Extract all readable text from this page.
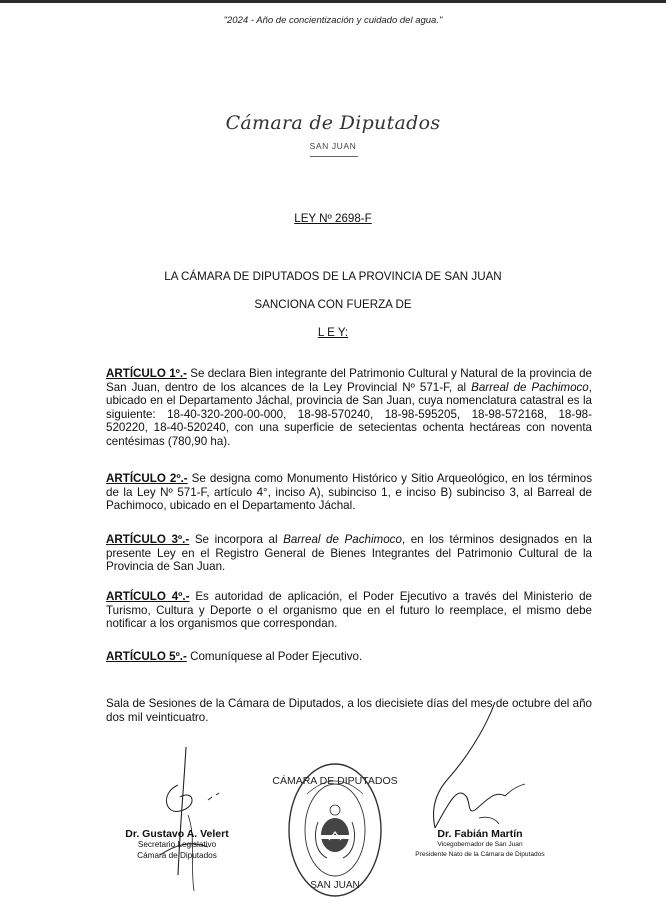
"2024 - Año de concientización y cuidado del agua."
Cámara de Diputados
SAN JUAN
LEY Nº 2698-F
LA CÁMARA DE DIPUTADOS DE LA PROVINCIA DE SAN JUAN
SANCIONA CON FUERZA DE
L E Y:
ARTÍCULO 1º.- Se declara Bien integrante del Patrimonio Cultural y Natural de la provincia de San Juan, dentro de los alcances de la Ley Provincial Nº 571-F, al Barreal de Pachimoco, ubicado en el Departamento Jáchal, provincia de San Juan, cuya nomenclatura catastral es la siguiente: 18-40-320-200-00-000, 18-98-570240, 18-98-595205, 18-98-572168, 18-98-520220, 18-40-520240, con una superficie de setecientas ochenta hectáreas con noventa centésimas (780,90 ha).
ARTÍCULO 2º.- Se designa como Monumento Histórico y Sitio Arqueológico, en los términos de la Ley Nº 571-F, artículo 4°, inciso A), subinciso 1, e inciso B) subinciso 3, al Barreal de Pachimoco, ubicado en el Departamento Jáchal.
ARTÍCULO 3º.- Se incorpora al Barreal de Pachimoco, en los términos designados en la presente Ley en el Registro General de Bienes Integrantes del Patrimonio Cultural de la Provincia de San Juan.
ARTÍCULO 4º.- Es autoridad de aplicación, el Poder Ejecutivo a través del Ministerio de Turismo, Cultura y Deporte o el organismo que en el futuro lo reemplace, el mismo debe notificar a los organismos que correspondan.
ARTÍCULO 5º.- Comuníquese al Poder Ejecutivo.
Sala de Sesiones de la Cámara de Diputados, a los diecisiete días del mes de octubre del año dos mil veinticuatro.
CÁMARA DE DIPUTADOS
SAN JUAN
Dr. Gustavo A. Velert
Secretario Legislativo
Cámara de Diputados
Dr. Fabián Martín
Vicegobernador de San Juan
Presidente Nato de la Cámara de Diputados
